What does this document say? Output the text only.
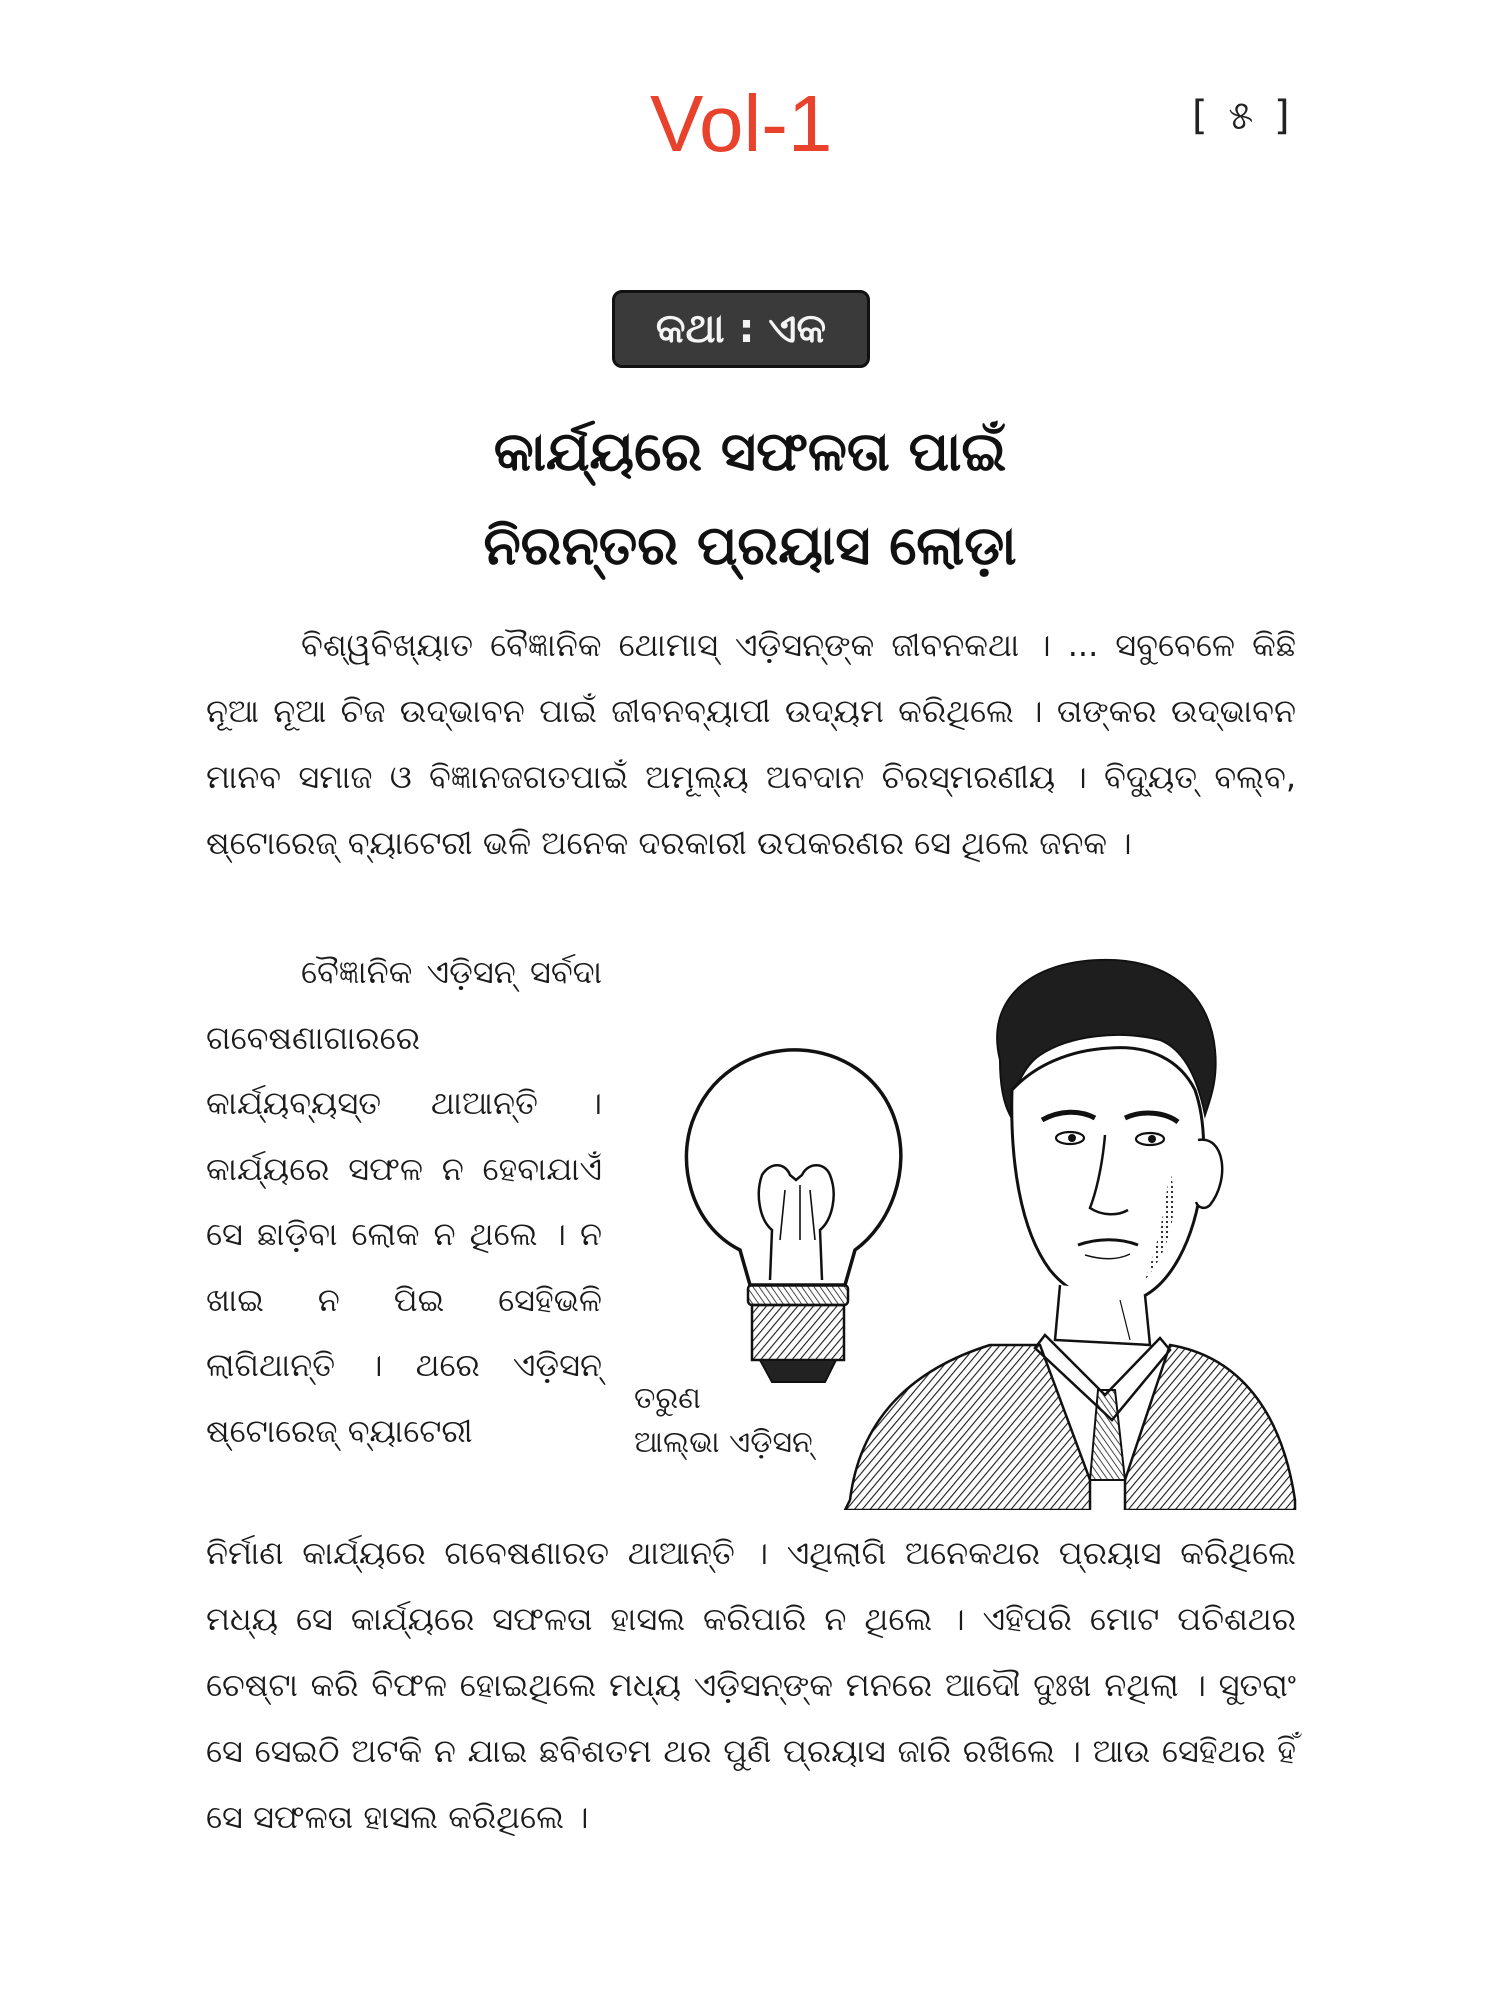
Vol-1	[ ୫ ]
କଥା : ଏକ
କାର୍ଯ୍ୟରେ ସଫଳତା ପାଇଁ
ନିରନ୍ତର ପ୍ରୟାସ ଲୋଡ଼ା

ବିଶ୍ୱବିଖ୍ୟାତ ବୈଜ୍ଞାନିକ ଥୋମାସ୍ ଏଡ଼ିସନ୍‌ଙ୍କ ଜୀବନକଥା । ... ସବୁବେଳେ କିଛି ନୂଆ ନୂଆ ଚିଜ ଉଦ୍ଭାବନ ପାଇଁ ଜୀବନବ୍ୟାପୀ ଉଦ୍ୟମ କରିଥିଲେ । ତାଙ୍କର ଉଦ୍ଭାବନ ମାନବ ସମାଜ ଓ ବିଜ୍ଞାନଜଗତପାଇଁ ଅମୂଲ୍ୟ ଅବଦାନ ଚିରସ୍ମରଣୀୟ । ବିଦ୍ୟୁତ୍ ବଲ୍‌ବ, ଷ୍ଟୋରେଜ୍ ବ୍ୟାଟେରୀ ଭଳି ଅନେକ ଦରକାରୀ ଉପକରଣର ସେ ଥିଲେ ଜନକ ।

ବୈଜ୍ଞାନିକ ଏଡ଼ିସନ୍ ସର୍ବଦା ଗବେଷଣାଗାରରେ କାର୍ଯ୍ୟବ୍ୟସ୍ତ ଥାଆନ୍ତି । କାର୍ଯ୍ୟରେ ସଫଳ ନ ହେବାଯାଏଁ ସେ ଛାଡ଼ିବା ଲୋକ ନ ଥିଲେ । ନ ଖାଇ ନ ପିଇ ସେହିଭଳି ଲାଗିଥାନ୍ତି । ଥରେ ଏଡ଼ିସନ୍ ଷ୍ଟୋରେଜ୍ ବ୍ୟାଟେରୀ

ନିର୍ମାଣ କାର୍ଯ୍ୟରେ ଗବେଷଣାରତ ଥାଆନ୍ତି । ଏଥିଲାଗି ଅନେକଥର ପ୍ରୟାସ କରିଥିଲେ ମଧ୍ୟ ସେ କାର୍ଯ୍ୟରେ ସଫଳତା ହାସଲ କରିପାରି ନ ଥିଲେ । ଏହିପରି ମୋଟ ପଚିଶଥର ଚେଷ୍ଟା କରି ବିଫଳ ହୋଇଥିଲେ ମଧ୍ୟ ଏଡ଼ିସନ୍‌ଙ୍କ ମନରେ ଆଦୌ ଦୁଃଖ ନଥିଲା । ସୁତରାଂ ସେ ସେଇଠି ଅଟକି ନ ଯାଇ ଛବିଶତମ ଥର ପୁଣି ପ୍ରୟାସ ଜାରି ରଖିଲେ । ଆଉ ସେହିଥର ହିଁ ସେ ସଫଳତା ହାସଲ କରିଥିଲେ ।

ତରୁଣ
ଆଲ୍‌ଭା ଏଡ଼ିସନ୍
